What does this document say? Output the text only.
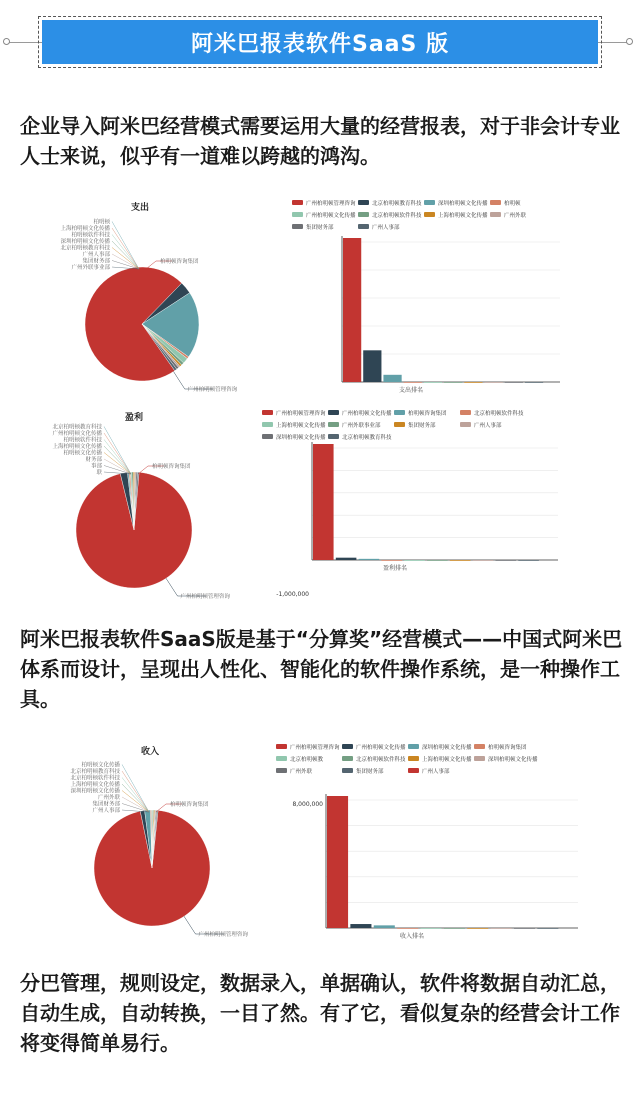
阿米巴报表软件SaaS 版

企业导入阿米巴经营模式需要运用大量的经营报表，对于非会计专业人士来说，似乎有一道难以跨越的鸿沟。

支出
广州柏明顿管理咨询
柏明顿咨询集团
柏明顿
上海柏明顿文化传播
柏明顿软件科技
深圳柏明顿文化传播
北京柏明顿教育科技
广州人事部
集团财务部
广州外联事业部
广州柏明顿管理咨询	北京柏明顿教育科技	深圳柏明顿文化传播	柏明顿
广州柏明顿文化传播	北京柏明顿软件科技	上海柏明顿文化传播	广州外联
集团财务部	广州人事部
支出排名
盈利
广州柏明顿管理咨询
柏明顿咨询集团
北京柏明顿教育科技
广州柏明顿文化传播
柏明顿软件科技
上海柏明顿文化传播
柏明顿文化传播
财务部
事部
联
广州柏明顿管理咨询	广州柏明顿文化传播	柏明顿咨询集团	北京柏明顿软件科技
上海柏明顿文化传播	广州外联事业部	集团财务部	广州人事部
深圳柏明顿文化传播	北京柏明顿教育科技
-1,000,000
盈利排名

阿米巴报表软件SaaS版是基于“分算奖”经营模式——中国式阿米巴体系而设计，呈现出人性化、智能化的软件操作系统，是一种操作工具。

收入
广州柏明顿管理咨询
柏明顿咨询集团
柏明顿文化传播
北京柏明顿教育科技
北京柏明顿软件科技
上海柏明顿文化传播
深圳柏明顿文化传播
广州外联
集团财务部
广州人事部
广州柏明顿管理咨询	广州柏明顿文化传播	深圳柏明顿文化传播	柏明顿咨询集团
北京柏明顿教	北京柏明顿软件科技	上海柏明顿文化传播	深圳柏明顿文化传播
广州外联	集团财务部	广州人事部
8,000,000
收入排名

分巴管理，规则设定，数据录入，单据确认，软件将数据自动汇总，自动生成，自动转换，一目了然。有了它，看似复杂的经营会计工作将变得简单易行。
